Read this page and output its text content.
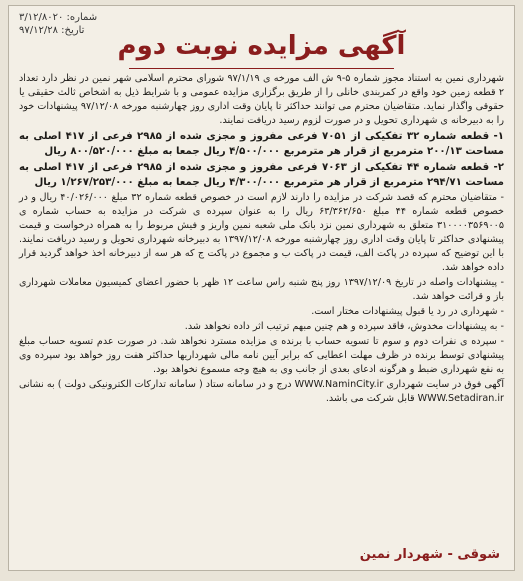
شماره: ۳/۱۲/۸۰۲۰
تاریخ: ۹۷/۱۲/۲۸
آگهی مزایده نوبت دوم

شهرداری نمین به استناد مجوز شماره ۵-۹ ش الف مورخه ی ۹۷/۱/۱۹ شورای محترم اسلامی شهر نمین در نظر دارد تعداد ۲ قطعه زمین خود واقع در کمربندی خانلی را از طریق برگزاری مزایده عمومی و با شرایط ذیل به اشخاص ثالث حقیقی یا حقوقی واگذار نماید. متقاضیان محترم می توانند حداکثر تا پایان وقت اداری روز چهارشنبه مورخه ۹۷/۱۲/۰۸ پیشنهادات خود را به دبیرخانه ی شهرداری تحویل و در صورت لزوم رسید دریافت نمایند.

۱- قطعه شماره ۳۲ تفکیکی از ۷۰۵۱ فرعی مفروز و مجزی شده از ۲۹۸۵ فرعی از ۴۱۷ اصلی به مساحت ۲۰۰/۱۳ مترمربع از قرار هر مترمربع ۴/۵۰۰/۰۰۰ ریال جمعا به مبلغ ۸۰۰/۵۲۰/۰۰۰ ریال

۲- قطعه شماره ۴۴ تفکیکی از ۷۰۶۳ فرعی مفروز و مجزی شده از ۲۹۸۵ فرعی از ۴۱۷ اصلی به مساحت ۲۹۴/۷۱ مترمربع از قرار هر مترمربع ۴/۳۰۰/۰۰۰ ریال جمعا به مبلغ ۱/۲۶۷/۲۵۳/۰۰۰ ریال

- متقاضیان محترم که قصد شرکت در مزایده را دارند لازم است در خصوص قطعه شماره ۳۲ مبلغ ۴۰/۰۲۶/۰۰۰ ریال و در خصوص قطعه شماره ۴۴ مبلغ ۶۳/۳۶۲/۶۵۰ ریال را به عنوان سپرده ی شرکت در مزایده به حساب شماره ی ۳۱۰۰۰۰۳۵۶۹۰۰۵ متعلق به شهرداری نمین نزد بانک ملی شعبه نمین واریز و فیش مربوط را به همراه درخواست و قیمت پیشنهادی حداکثر تا پایان وقت اداری روز چهارشنبه مورخه ۱۳۹۷/۱۲/۰۸ به دبیرخانه شهرداری تحویل و رسید دریافت نمایند. با این توضیح که سپرده در پاکت الف، قیمت در پاکت ب و مجموع در پاکت ج که هر سه از دبیرخانه اخذ خواهد گردید قرار داده خواهد شد.

- پیشنهادات واصله در تاریخ ۱۳۹۷/۱۲/۰۹ روز پنج شنبه راس ساعت ۱۲ ظهر با حضور اعضای کمیسیون معاملات شهرداری باز و قرائت خواهد شد.

- شهرداری در رد یا قبول پیشنهادات مختار است.

- به پیشنهادات مخدوش، فاقد سپرده و هم چنین مبهم ترتیب اثر داده نخواهد شد.

- سپرده ی نفرات دوم و سوم تا تسویه حساب با برنده ی مزایده مسترد نخواهد شد. در صورت عدم تسویه حساب مبلغ پیشنهادی توسط برنده در ظرف مهلت اعطایی که برابر آیین نامه مالی شهرداریها حداکثر هفت روز خواهد بود سپرده وی به نفع شهرداری ضبط و هرگونه ادعای بعدی از جانب وی به هیچ وجه مسموع نخواهد بود.

آگهی فوق در سایت شهرداری WWW.NaminCity.ir درج و در سامانه ستاد ( سامانه تدارکات الکترونیکی دولت ) به نشانی WWW.Setadiran.ir قابل شرکت می باشد.

شوقی - شهردار نمین
